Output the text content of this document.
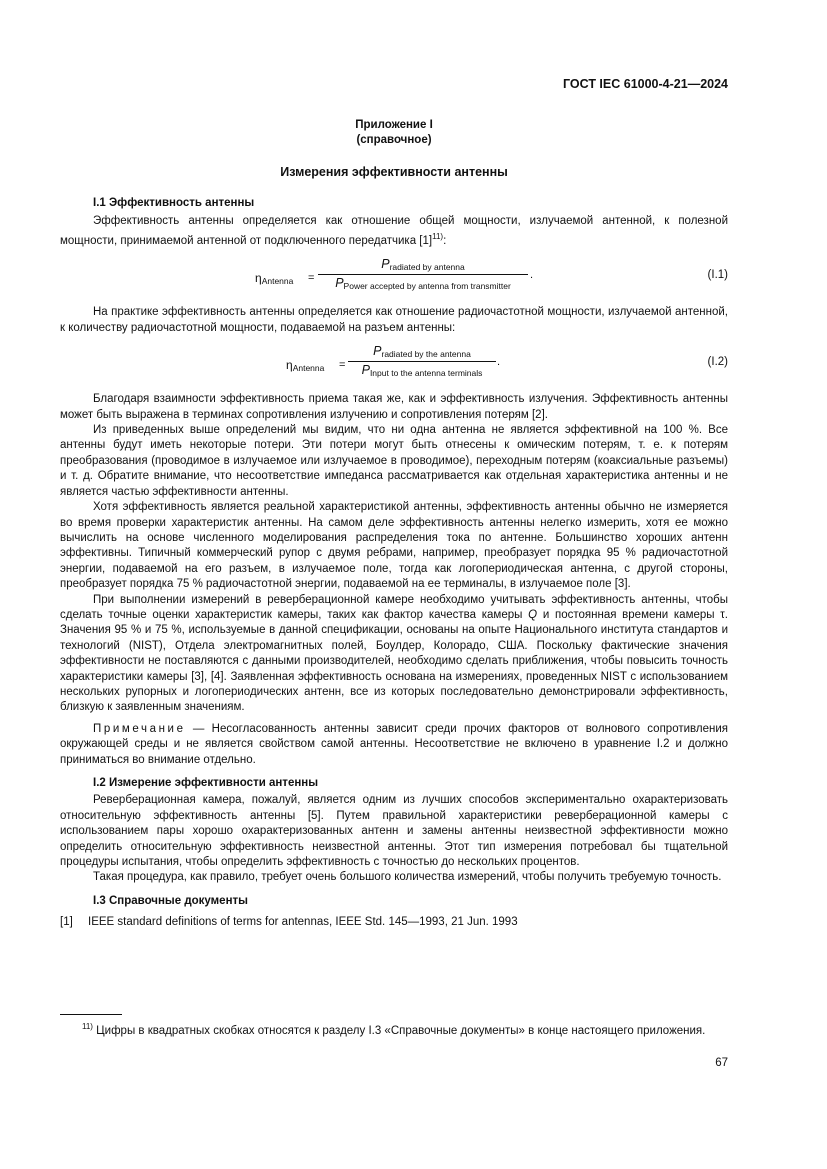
ГОСТ IEC 61000-4-21—2024
Приложение I
(справочное)
Измерения эффективности антенны
I.1 Эффективность антенны

Эффективность антенны определяется как отношение общей мощности, излучаемой антенной, к полезной мощности, принимаемой антенной от подключенного передатчика $[1]^{11)}$:

$\eta_{Antenna}$ =
$P_{radiated by antenna}$
.
$P_{Power accepted by antenna from transmitter}$
(I.1)

На практике эффективность антенны определяется как отношение радиочастотной мощности, излучаемой антенной, к количеству радиочастотной мощности, подаваемой на разъем антенны:

$\eta_{Antenna}$ =
$P_{radiated by the antenna}$
.
$P_{Input to the antenna terminals}$
(I.2)

Благодаря взаимности эффективность приема такая же, как и эффективность излучения. Эффективность антенны может быть выражена в терминах сопротивления излучению и сопротивления потерям [2].

Из приведенных выше определений мы видим, что ни одна антенна не является эффективной на 100 %. Все антенны будут иметь некоторые потери. Эти потери могут быть отнесены к омическим потерям, т. е. к потерям преобразования (проводимое в излучаемое или излучаемое в проводимое), переходным потерям (коаксиальные разъемы) и т. д. Обратите внимание, что несоответствие импеданса рассматривается как отдельная характеристика антенны и не является частью эффективности антенны.

Хотя эффективность является реальной характеристикой антенны, эффективность антенны обычно не измеряется во время проверки характеристик антенны. На самом деле эффективность антенны нелегко измерить, хотя ее можно вычислить на основе численного моделирования распределения тока по антенне. Большинство хороших антенн эффективны. Типичный коммерческий рупор с двумя ребрами, например, преобразует порядка 95 % радиочастотной энергии, подаваемой на его разъем, в излучаемое поле, тогда как логопериодическая антенна, с другой стороны, преобразует порядка 75 % радиочастотной энергии, подаваемой на ее терминалы, в излучаемое поле [3].

При выполнении измерений в реверберационной камере необходимо учитывать эффективность антенны, чтобы сделать точные оценки характеристик камеры, таких как фактор качества камеры Q и постоянная времени камеры τ. Значения 95 % и 75 %, используемые в данной спецификации, основаны на опыте Национального института стандартов и технологий (NIST), Отдела электромагнитных полей, Боулдер, Колорадо, США. Поскольку фактические значения эффективности не поставляются с данными производителей, необходимо сделать приближения, чтобы повысить точность характеристики камеры [3], [4]. Заявленная эффективность основана на измерениях, проведенных NIST с использованием нескольких рупорных и логопериодических антенн, все из которых последовательно демонстрировали эффективность, близкую к заявленным значениям.

Примечание — Несогласованность антенны зависит среди прочих факторов от волнового сопротивления окружающей среды и не является свойством самой антенны. Несоответствие не включено в уравнение I.2 и должно приниматься во внимание отдельно.

I.2 Измерение эффективности антенны

Реверберационная камера, пожалуй, является одним из лучших способов экспериментально охарактеризовать относительную эффективность антенны [5]. Путем правильной характеристики реверберационной камеры с использованием пары хорошо охарактеризованных антенн и замены антенны неизвестной эффективности можно определить относительную эффективность неизвестной антенны. Этот тип измерения потребовал бы тщательной процедуры испытания, чтобы определить эффективность с точностью до нескольких процентов.

Такая процедура, как правило, требует очень большого количества измерений, чтобы получить требуемую точность.

I.3 Справочные документы
[1] IEEE standard definitions of terms for antennas, IEEE Std. 145—1993, 21 Jun. 1993
$^{11)}$ Цифры в квадратных скобках относятся к разделу I.3 «Справочные документы» в конце настоящего приложения.
67
